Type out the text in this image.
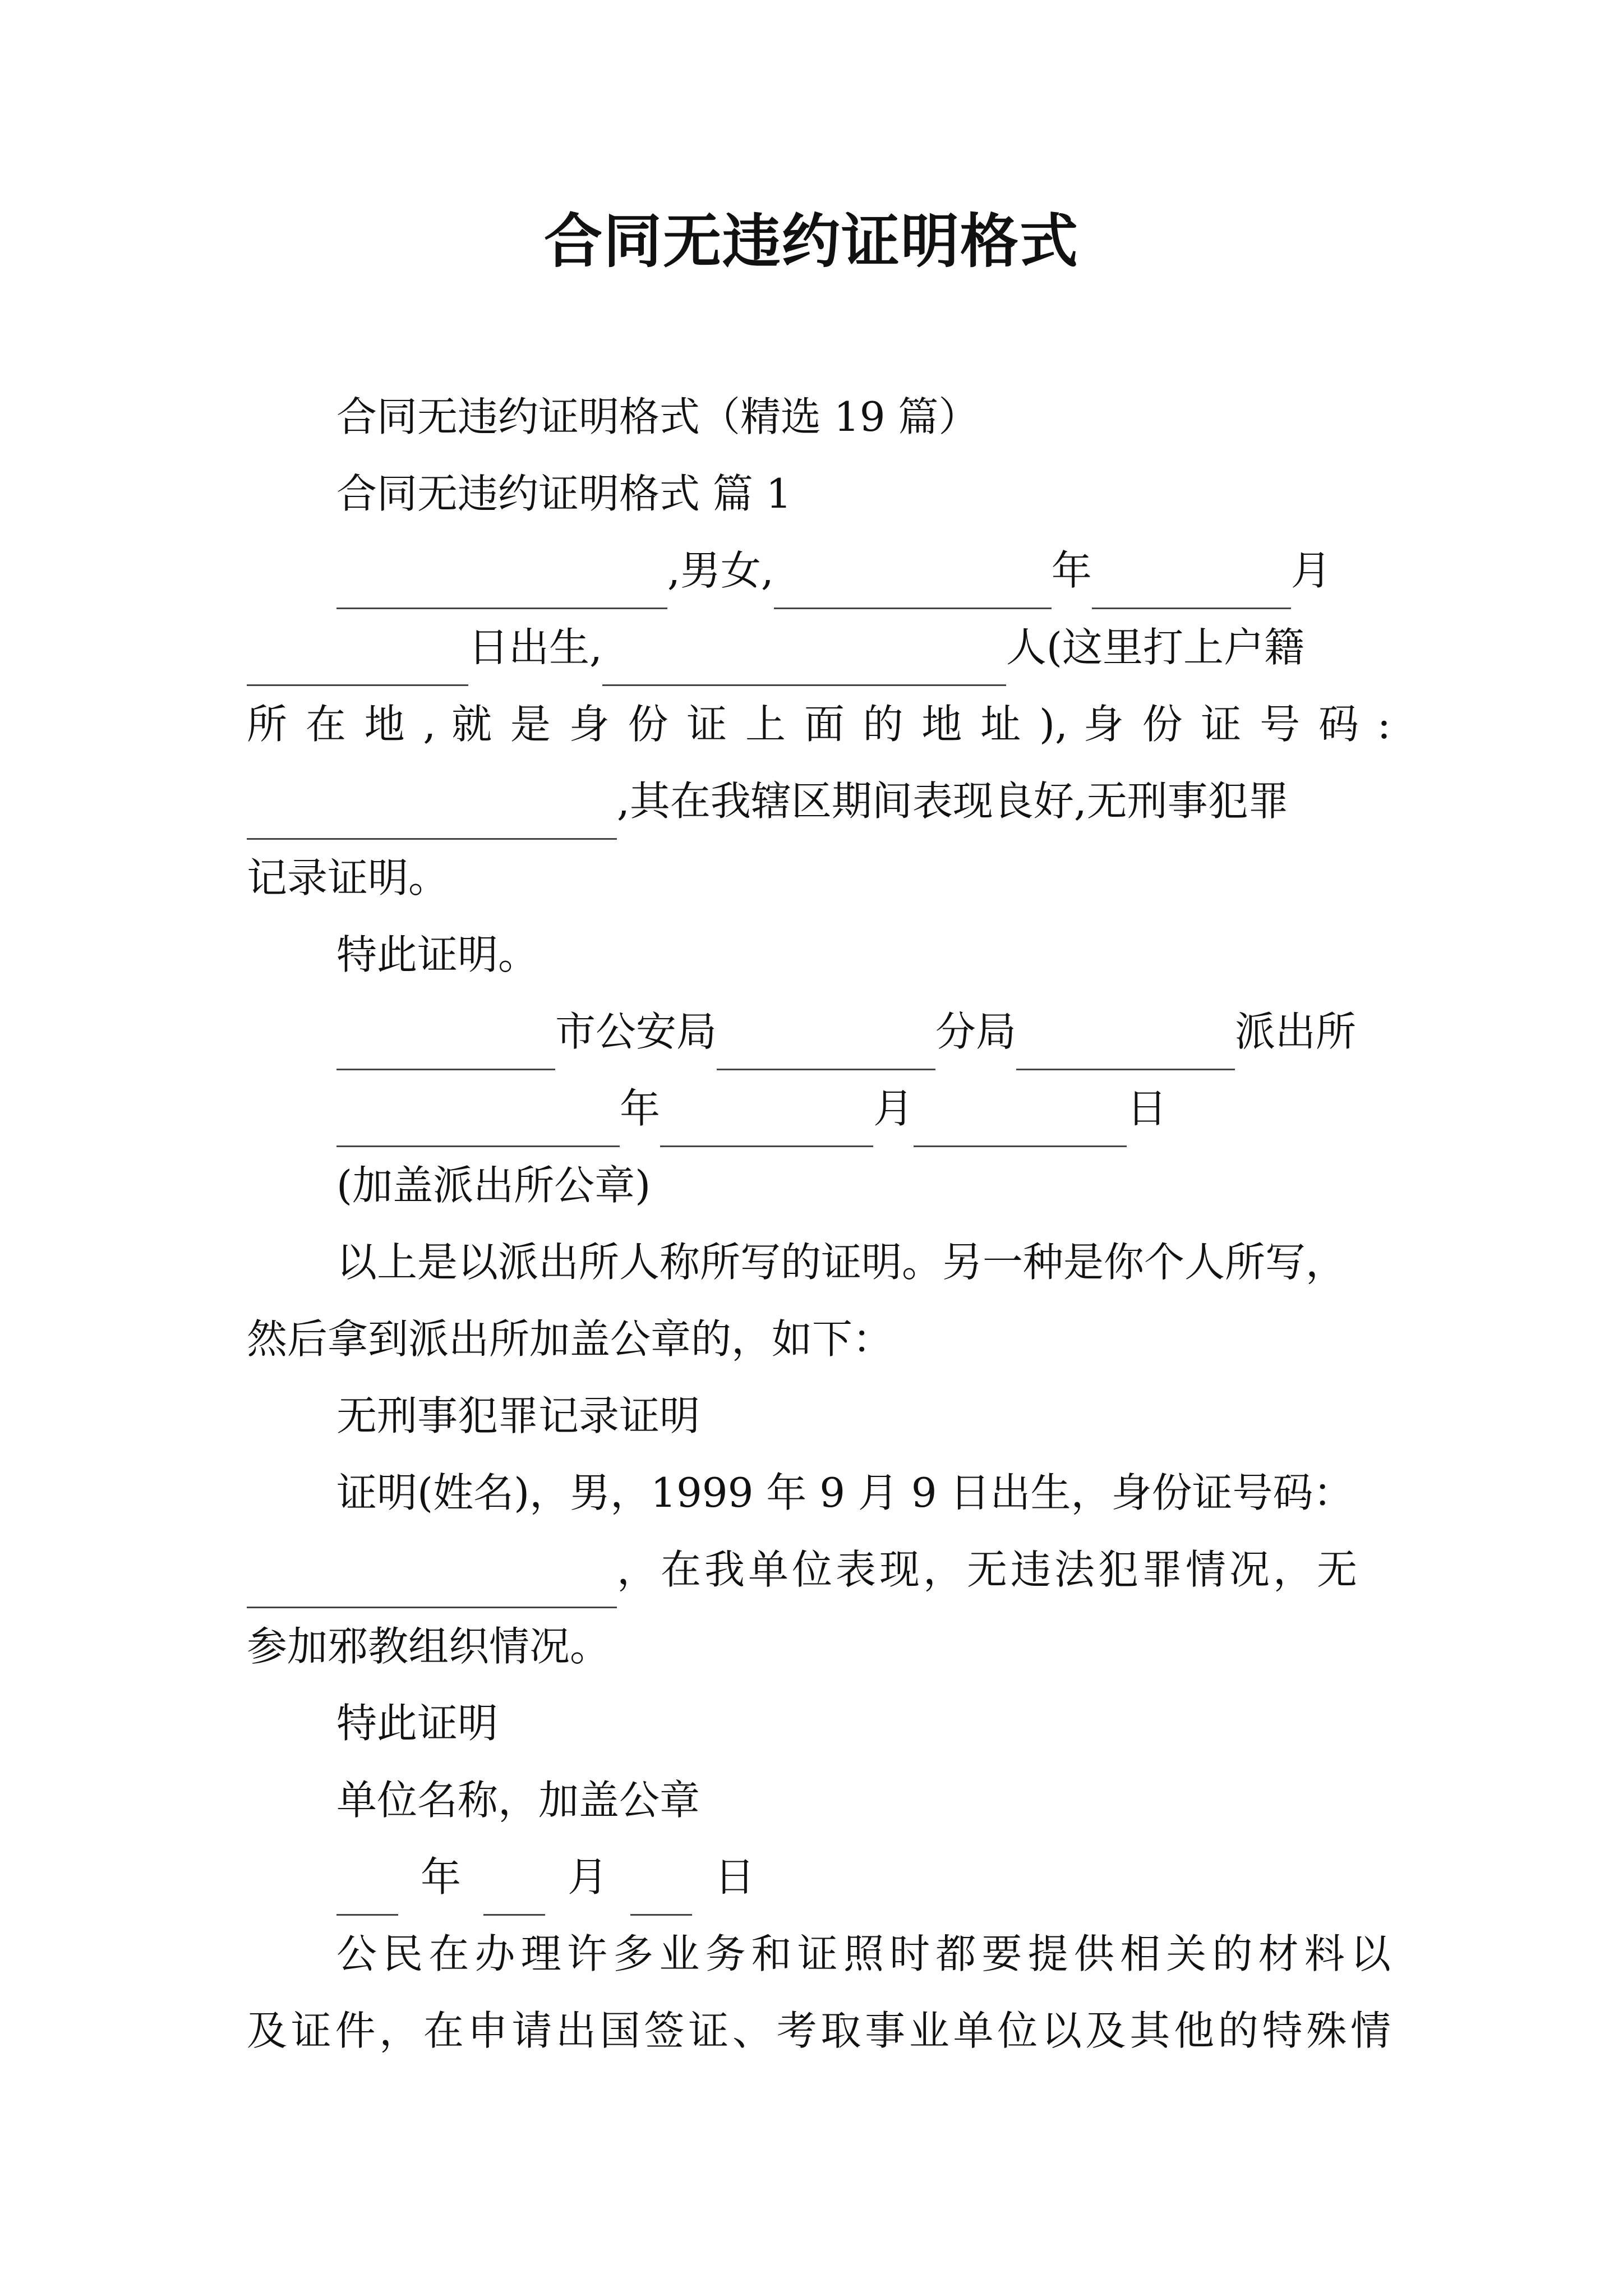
合同无违约证明格式
合同无违约证明格式（精选 19 篇）
合同无违约证明格式 篇 1
,男女,	年	月
日出生,	人(这里打上户籍
所 在 地 , 就 是 身 份 证 上 面 的 地 址 ), 身 份 证 号 码 :
,其在我辖区期间表现良好,无刑事犯罪
记录证明。
特此证明。
市公安局	分局	派出所
年	月	日
(加盖派出所公章)
以上是以派出所人称所写的证明。另一种是你个人所写，
然后拿到派出所加盖公章的，如下：
无刑事犯罪记录证明
证明(姓名)，男，1999 年 9 月 9 日出生，身份证号码：
，在我单位表现，无违法犯罪情况，无
参加邪教组织情况。
特此证明
单位名称，加盖公章
年	月	日
公民在办理许多业务和证照时都要提供相关的材料以
及证件，在申请出国签证、考取事业单位以及其他的特殊情
